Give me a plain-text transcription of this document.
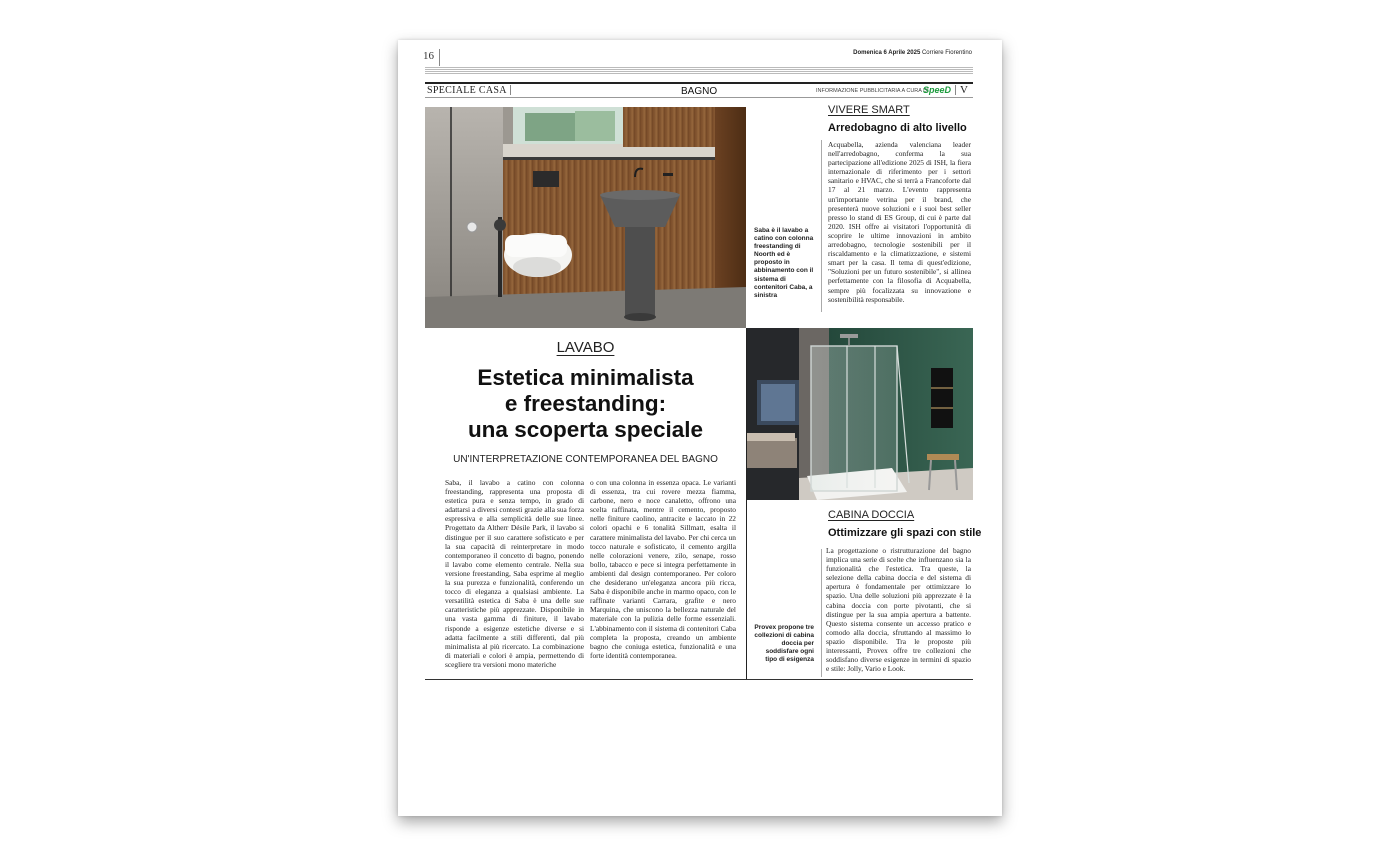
16	Domenica 6 Aprile 2025 Corriere Fiorentino
SPECIALE CASA	BAGNO	INFORMAZIONE PUBBLICITARIA A CURA DI
SpeeD V
Saba è il lavabo a catino con colonna freestanding di Noorth ed è proposto in abbinamento con il sistema di contenitori Caba, a sinistra
Provex propone tre collezioni di cabina doccia per soddisfare ogni tipo di esigenza
VIVERE SMART
Arredobagno di alto livello
Acquabella, azienda valenciana leader nell'arredobagno, conferma la sua partecipazione all'edizione 2025 di ISH, la fiera internazionale di riferimento per i settori sanitario e HVAC, che si terrà a Francoforte dal 17 al 21 marzo. L'evento rappresenta un'importante vetrina per il brand, che presenterà nuove soluzioni e i suoi best seller presso lo stand di ES Group, di cui è parte dal 2020. ISH offre ai visitatori l'opportunità di scoprire le ultime innovazioni in ambito arredobagno, tecnologie sostenibili per il riscaldamento e la climatizzazione, e sistemi smart per la casa. Il tema di quest'edizione, "Soluzioni per un futuro sostenibile", si allinea perfettamente con la filosofia di Acquabella, sempre più focalizzata su innovazione e sostenibilità responsabile.
CABINA DOCCIA
Ottimizzare gli spazi con stile
La progettazione o ristrutturazione del bagno implica una serie di scelte che influenzano sia la funzionalità che l'estetica. Tra queste, la selezione della cabina doccia e del sistema di apertura è fondamentale per ottimizzare lo spazio. Una delle soluzioni più apprezzate è la cabina doccia con porte pivotanti, che si distingue per la sua ampia apertura a battente. Questo sistema consente un accesso pratico e comodo alla doccia, sfruttando al massimo lo spazio disponibile. Tra le proposte più interessanti, Provex offre tre collezioni che soddisfano diverse esigenze in termini di spazio e stile: Jolly, Vario e Look.
LAVABO
Estetica minimalista
e freestanding:
una scoperta speciale
UN'INTERPRETAZIONE CONTEMPORANEA DEL BAGNO
Saba, il lavabo a catino con colonna freestanding, rappresenta una proposta di estetica pura e senza tempo, in grado di adattarsi a diversi contesti grazie alla sua forza espressiva e alla semplicità delle sue linee. Progettato da Altherr Désile Park, il lavabo si distingue per il suo carattere sofisticato e per la sua capacità di reinterpretare in modo contemporaneo il concetto di bagno, ponendo il lavabo come elemento centrale. Nella sua versione freestanding, Saba esprime al meglio la sua purezza e funzionalità, conferendo un tocco di eleganza a qualsiasi ambiente. La versatilità estetica di Saba è una delle sue caratteristiche più apprezzate. Disponibile in una vasta gamma di finiture, il lavabo risponde a esigenze estetiche diverse e si adatta facilmente a stili differenti, dal più minimalista al più ricercato. La combinazione di materiali e colori è ampia, permettendo di scegliere tra versioni mono materiche
o con una colonna in essenza opaca. Le varianti di essenza, tra cui rovere mezza fiamma, carbone, nero e noce canaletto, offrono una scelta raffinata, mentre il cemento, proposto nelle finiture caolino, antracite e laccato in 22 colori opachi e 6 tonalità Sillmatt, esalta il carattere minimalista del lavabo. Per chi cerca un tocco naturale e sofisticato, il cemento argilla nelle colorazioni venere, zilo, senape, rosso bollo, tabacco e pece si integra perfettamente in ambienti dal design contemporaneo. Per coloro che desiderano un'eleganza ancora più ricca, Saba è disponibile anche in marmo opaco, con le raffinate varianti Carrara, grafite e nero Marquina, che uniscono la bellezza naturale del materiale con la pulizia delle forme essenziali. L'abbinamento con il sistema di contenitori Caba completa la proposta, creando un ambiente bagno che coniuga estetica, funzionalità e una forte identità contemporanea.
